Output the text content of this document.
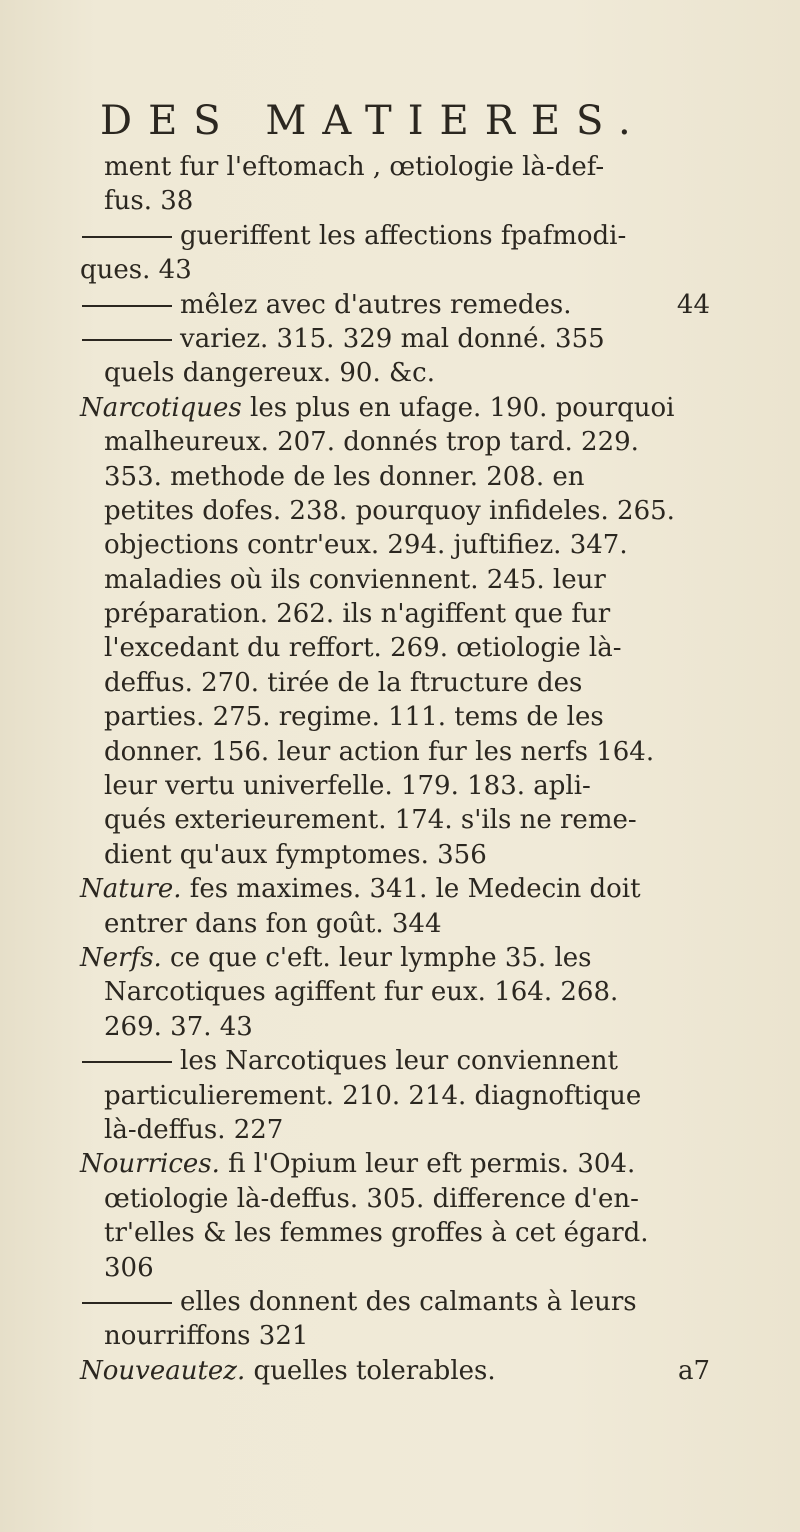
DES MATIERES.
ment fur l'eftomach , œtiologie là-def-
fus. 38
gueriffent les affections fpafmodi-
ques. 43
mêlez avec d'autres remedes.	44
variez. 315. 329 mal donné. 355
quels dangereux. 90. &c.
Narcotiques les plus en ufage. 190. pourquoi
malheureux. 207. donnés trop tard. 229.
353. methode de les donner. 208. en
petites dofes. 238. pourquoy infideles. 265.
objections contr'eux. 294. juftifiez. 347.
maladies où ils conviennent. 245. leur
préparation. 262. ils n'agiffent que fur
l'excedant du reffort. 269. œtiologie là-
deffus. 270. tirée de la ftructure des
parties. 275. regime. 111. tems de les
donner. 156. leur action fur les nerfs 164.
leur vertu univerfelle. 179. 183. apli-
qués exterieurement. 174. s'ils ne reme-
dient qu'aux fymptomes. 356
Nature. fes maximes. 341. le Medecin doit
entrer dans fon goût. 344
Nerfs. ce que c'eft. leur lymphe 35. les
Narcotiques agiffent fur eux. 164. 268.
269. 37. 43
les Narcotiques leur conviennent
particulierement. 210. 214. diagnoftique
là-deffus. 227
Nourrices. fi l'Opium leur eft permis. 304.
œtiologie là-deffus. 305. difference d'en-
tr'elles & les femmes groffes à cet égard.
306
elles donnent des calmants à leurs
nourriffons 321
Nouveautez. quelles tolerables.	a7
